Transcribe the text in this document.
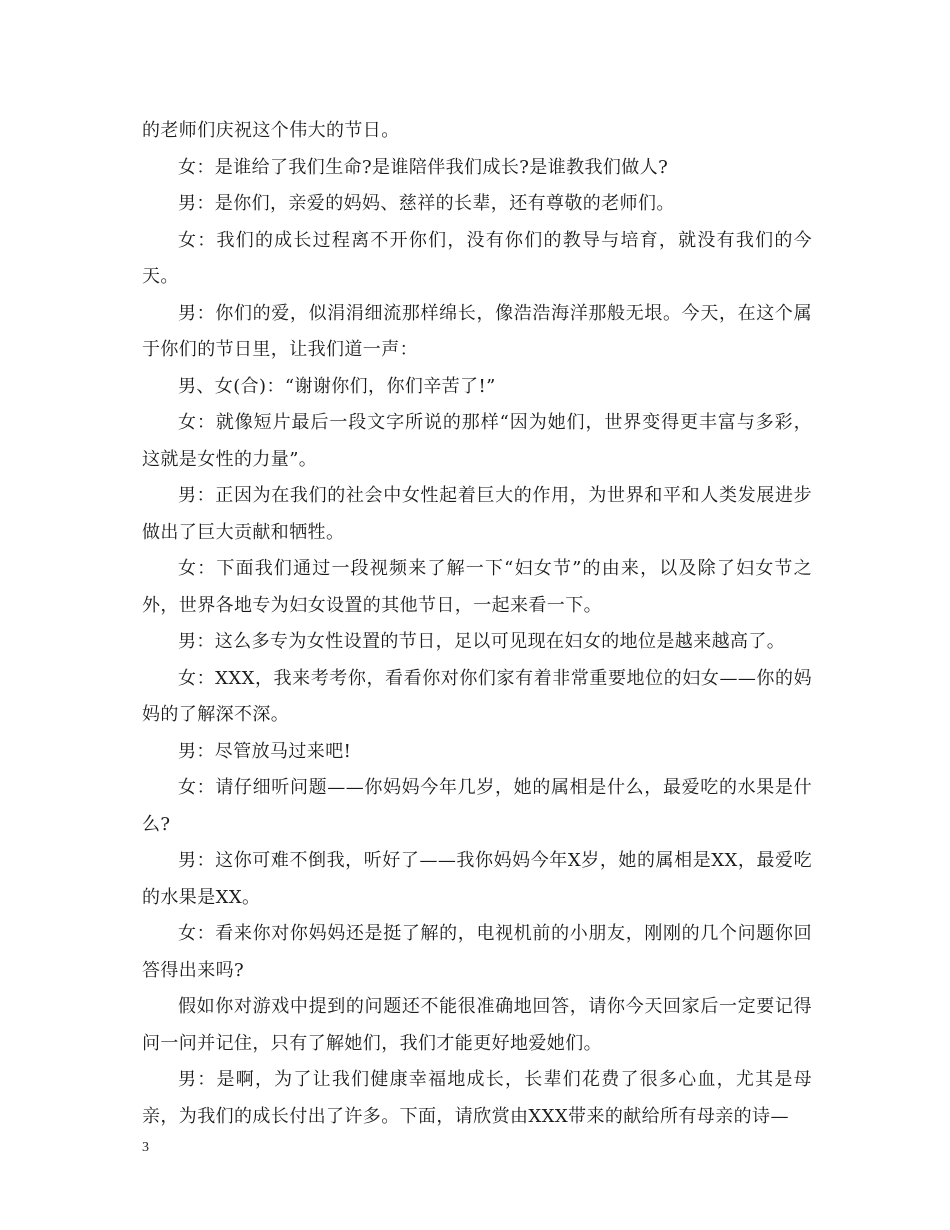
的老师们庆祝这个伟大的节日。

女：是谁给了我们生命?是谁陪伴我们成长?是谁教我们做人?

男：是你们，亲爱的妈妈、慈祥的长辈，还有尊敬的老师们。

女：我们的成长过程离不开你们，没有你们的教导与培育，就没有我们的今天。

男：你们的爱，似涓涓细流那样绵长，像浩浩海洋那般无垠。今天，在这个属于你们的节日里，让我们道一声：

男、女(合)：“谢谢你们，你们辛苦了!”

女：就像短片最后一段文字所说的那样“因为她们，世界变得更丰富与多彩，这就是女性的力量”。

男：正因为在我们的社会中女性起着巨大的作用，为世界和平和人类发展进步做出了巨大贡献和牺牲。

女：下面我们通过一段视频来了解一下“妇女节”的由来，以及除了妇女节之外，世界各地专为妇女设置的其他节日，一起来看一下。

男：这么多专为女性设置的节日，足以可见现在妇女的地位是越来越高了。

女：XXX，我来考考你，看看你对你们家有着非常重要地位的妇女——你的妈妈的了解深不深。

男：尽管放马过来吧!

女：请仔细听问题——你妈妈今年几岁，她的属相是什么，最爱吃的水果是什么?

男：这你可难不倒我，听好了——我你妈妈今年X岁，她的属相是XX，最爱吃的水果是XX。

女：看来你对你妈妈还是挺了解的，电视机前的小朋友，刚刚的几个问题你回答得出来吗?

假如你对游戏中提到的问题还不能很准确地回答，请你今天回家后一定要记得问一问并记住，只有了解她们，我们才能更好地爱她们。

男：是啊，为了让我们健康幸福地成长，长辈们花费了很多心血，尤其是母亲，为我们的成长付出了许多。下面，请欣赏由XXX带来的献给所有母亲的诗—

3
